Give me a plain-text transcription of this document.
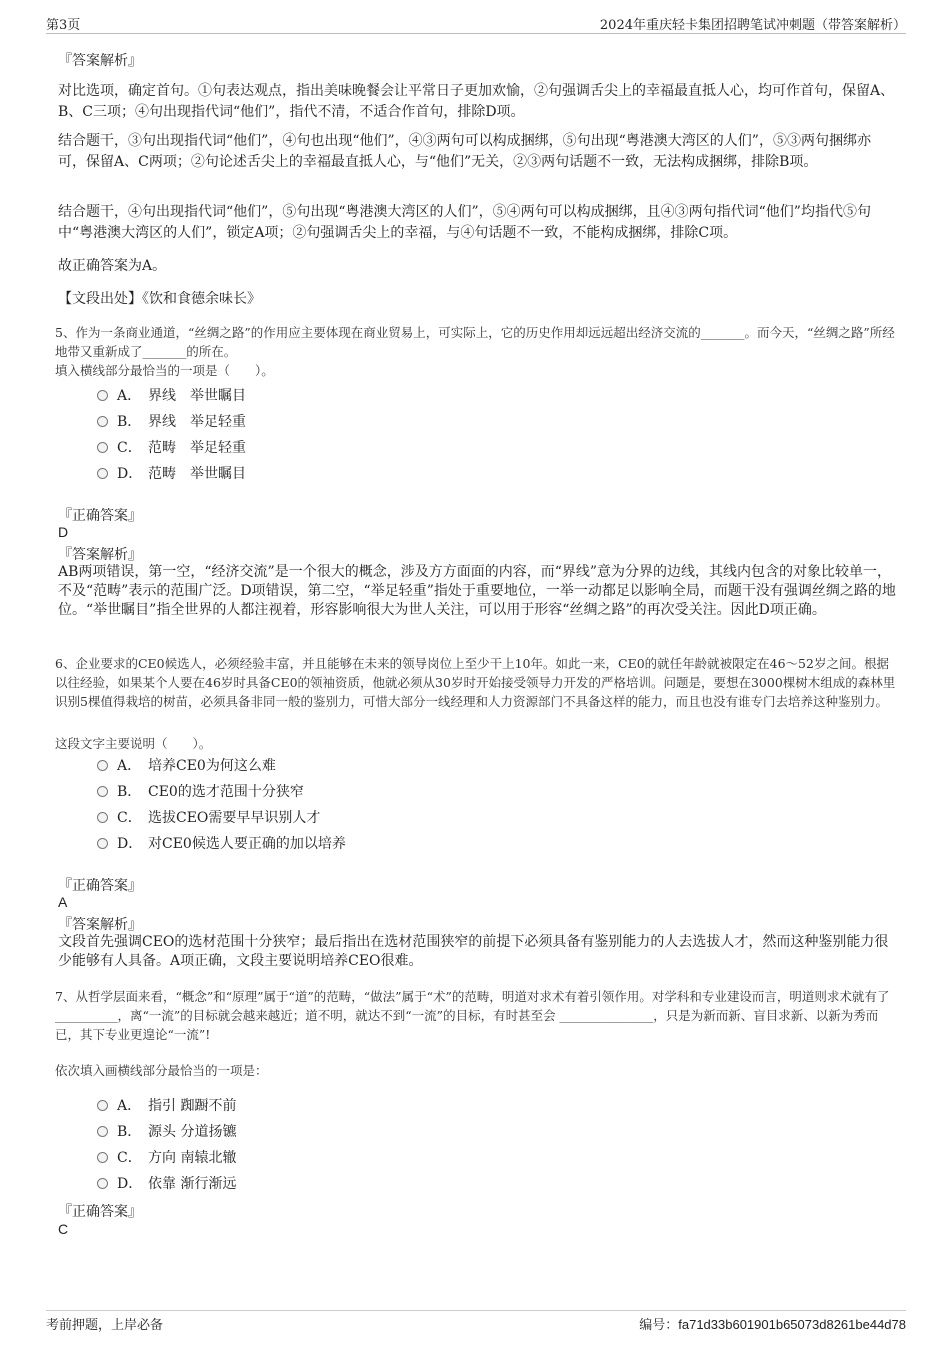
第3页	2024年重庆轻卡集团招聘笔试冲刺题（带答案解析）
『答案解析』
对比选项，确定首句。①句表达观点，指出美味晚餐会让平常日子更加欢愉，②句强调舌尖上的幸福最直抵人心，均可作首句，保留A、B、C三项；④句出现指代词“他们”，指代不清，不适合作首句，排除D项。
结合题干，③句出现指代词“他们”，④句也出现“他们”，④③两句可以构成捆绑，⑤句出现“粤港澳大湾区的人们”，⑤③两句捆绑亦可，保留A、C两项；②句论述舌尖上的幸福最直抵人心，与“他们”无关，②③两句话题不一致，无法构成捆绑，排除B项。
结合题干，④句出现指代词“他们”，⑤句出现“粤港澳大湾区的人们”，⑤④两句可以构成捆绑，且④③两句指代词“他们”均指代⑤句中“粤港澳大湾区的人们”，锁定A项；②句强调舌尖上的幸福，与④句话题不一致，不能构成捆绑，排除C项。
故正确答案为A。
【文段出处】《饮和食德余味长》
5、作为一条商业通道，“丝绸之路”的作用应主要体现在商业贸易上，可实际上，它的历史作用却远远超出经济交流的_______。而今天，“丝绸之路”所经地带又重新成了_______的所在。
填入横线部分最恰当的一项是（　　）。
A． 界线　举世瞩目
B． 界线　举足轻重
C． 范畴　举足轻重
D． 范畴　举世瞩目
『正确答案』
D
『答案解析』
AB两项错误，第一空，“经济交流”是一个很大的概念，涉及方方面面的内容，而“界线”意为分界的边线，其线内包含的对象比较单一，不及“范畴”表示的范围广泛。D项错误，第二空，“举足轻重”指处于重要地位，一举一动都足以影响全局，而题干没有强调丝绸之路的地位。“举世瞩目”指全世界的人都注视着，形容影响很大为世人关注，可以用于形容“丝绸之路”的再次受关注。因此D项正确。
6、企业要求的CE0候选人，必须经验丰富，并且能够在未来的领导岗位上至少干上10年。如此一来，CE0的就任年龄就被限定在46～52岁之间。根据以往经验，如果某个人要在46岁时具备CE0的领袖资质，他就必须从30岁时开始接受领导力开发的严格培训。问题是，要想在3000棵树木组成的森林里识别5棵值得栽培的树苗，必须具备非同一般的鉴别力，可惜大部分一线经理和人力资源部门不具备这样的能力，而且也没有谁专门去培养这种鉴别力。
这段文字主要说明（　　）。
A． 培养CE0为何这么难
B． CE0的选才范围十分狭窄
C． 选拔CEO需要早早识别人才
D． 对CE0候选人要正确的加以培养
『正确答案』
A
『答案解析』
文段首先强调CEO的选材范围十分狭窄；最后指出在选材范围狭窄的前提下必须具备有鉴别能力的人去选拔人才，然而这种鉴别能力很少能够有人具备。A项正确，文段主要说明培养CEO很难。
7、从哲学层面来看，“概念”和“原理”属于“道”的范畴，“做法”属于“术”的范畴，明道对求术有着引领作用。对学科和专业建设而言，明道则求术就有了 __________，离“一流”的目标就会越来越近；道不明，就达不到“一流”的目标，有时甚至会 _______________，只是为新而新、盲目求新、以新为秀而已，其下专业更遑论“一流”!
依次填入画横线部分最恰当的一项是：
A． 指引 踟蹰不前
B． 源头 分道扬镳
C． 方向 南辕北辙
D． 依靠 渐行渐远
『正确答案』
C
考前押题，上岸必备	编号：fa71d33b601901b65073d8261be44d78
